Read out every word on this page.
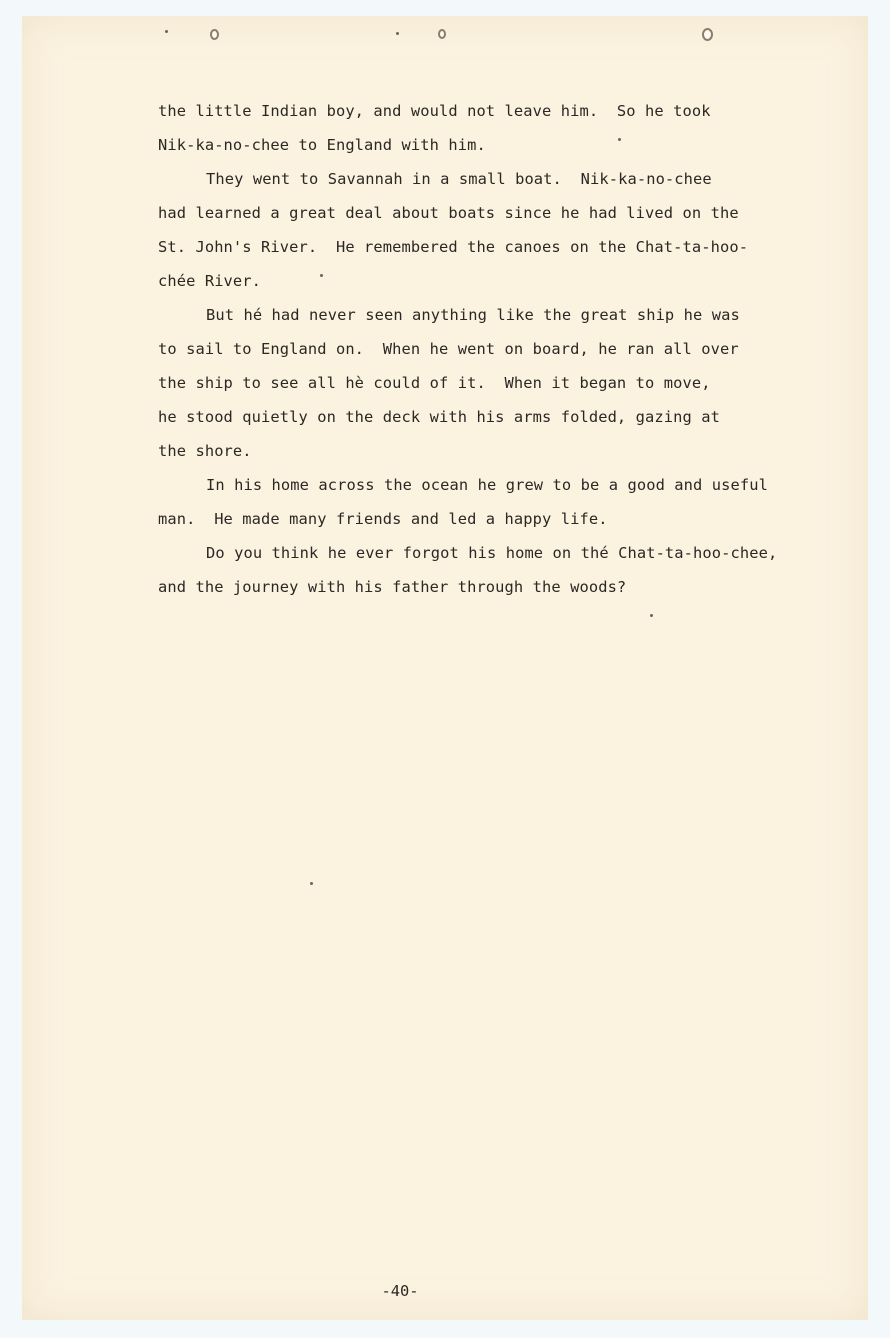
the little Indian boy, and would not leave him.  So he took
Nik-ka-no-chee to England with him.
They went to Savannah in a small boat.  Nik-ka-no-chee
had learned a great deal about boats since he had lived on the
St. John's River.  He remembered the canoes on the Chat-ta-hoo-
chée River.
But hé had never seen anything like the great ship he was
to sail to England on.  When he went on board, he ran all over
the ship to see all hè could of it.  When it began to move,
he stood quietly on the deck with his arms folded, gazing at
the shore.
In his home across the ocean he grew to be a good and useful
man.  He made many friends and led a happy life.
Do you think he ever forgot his home on thé Chat-ta-hoo-chee,
and the journey with his father through the woods?
-40-
